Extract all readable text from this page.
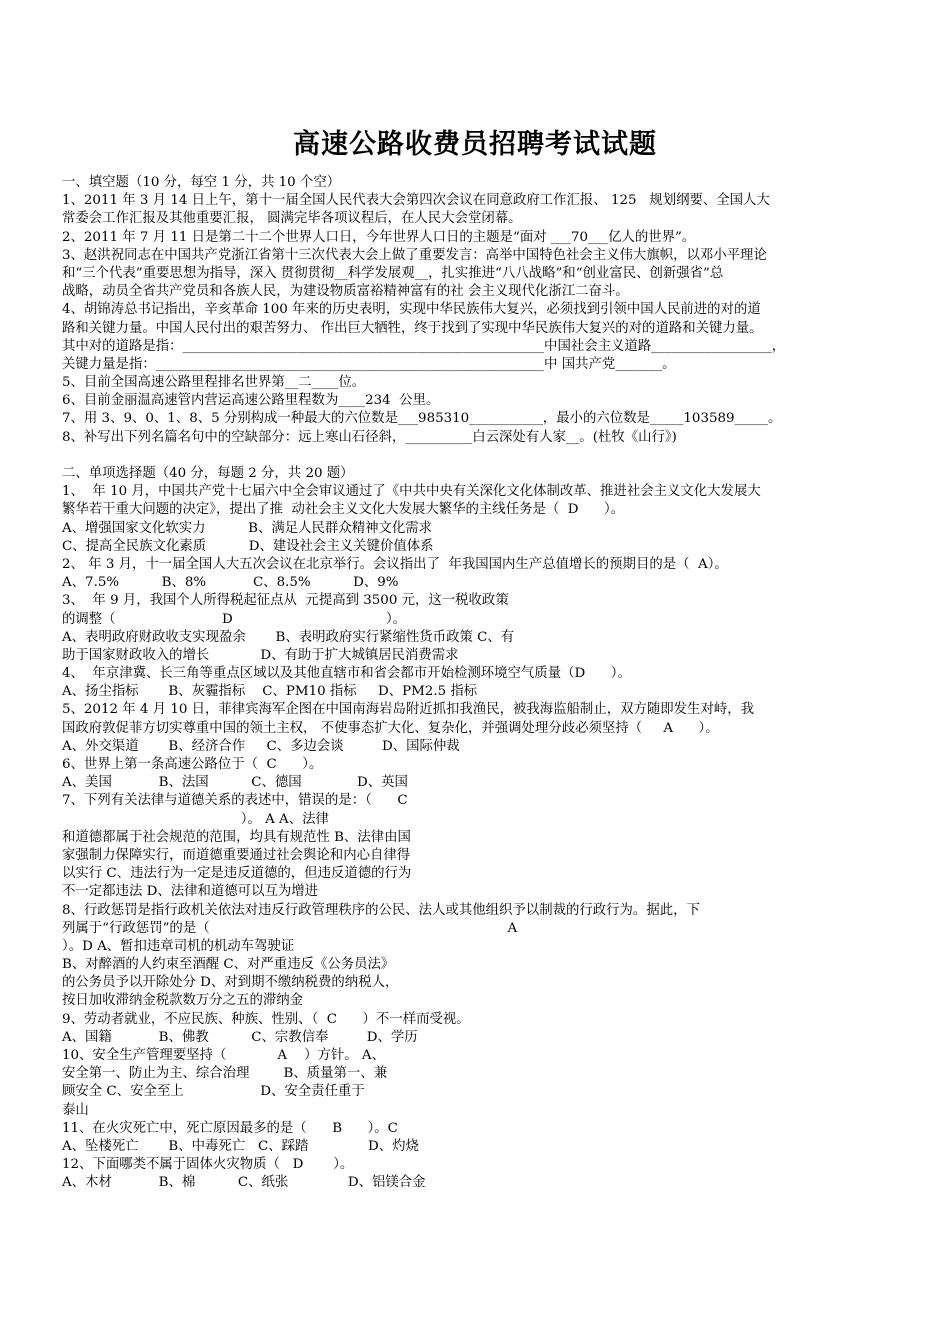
高速公路收费员招聘考试试题
一、填空题（10 分，每空 1 分，共 10 个空）
1、2011 年 3 月 14 日上午，第十一届全国人民代表大会第四次会议在同意政府工作汇报、 125   规划纲要、全国人大
常委会工作汇报及其他重要汇报， 圆满完毕各项议程后，在人民大会堂闭幕。
2、2011 年 7 月 11 日是第二十二个世界人口日，今年世界人口日的主题是“面对 ___70___亿人的世界”。
3、赵洪祝同志在中国共产党浙江省第十三次代表大会上做了重要发言：高举中国特色社会主义伟大旗帜，以邓小平理论
和“三个代表”重要思想为指导，深入 贯彻贯彻__科学发展观__，扎实推进“八八战略”和“创业富民、创新强省”总
战略，动员全省共产党员和各族人民，为建设物质富裕精神富有的社 会主义现代化浙江二奋斗。
4、胡锦涛总书记指出，辛亥革命 100 年来的历史表明，实现中华民族伟大复兴，必须找到引领中国人民前进的对的道
路和关键力量。中国人民付出的艰苦努力、 作出巨大牺牲，终于找到了实现中华民族伟大复兴的对的道路和关键力量。
其中对的道路是指：______________________________________________________中国社会主义道路__________________，
关键力量是指：__________________________________________________________中 国共产党_______。
5、目前全国高速公路里程排名世界第__二____位。
6、目前金丽温高速管内营运高速公路里程数为____234  公里。
7、用 3、9、0、1、8、5 分别构成一种最大的六位数是___985310___________，最小的六位数是_____103589_____。
8、补写出下列名篇名句中的空缺部分：远上寒山石径斜，__________白云深处有人家__。(杜牧《山行》)
二、单项选择题（40 分，每题 2 分，共 20 题）
1、  年 10 月，中国共产党十七届六中全会审议通过了《中共中央有关深化文化体制改革、推进社会主义文化大发展大
繁华若干重大问题的决定》，提出了推  动社会主义文化大发展大繁华的主线任务是（  D      ）。
A、增强国家文化软实力          B、满足人民群众精神文化需求
C、提高全民族文化素质          D、建设社会主义关键价值体系
2、 年 3 月，十一届全国人大五次会议在北京举行。会议指出了  年我国国内生产总值增长的预期目的是（  A）。
A、7.5%          B、8%           C、8.5%          D、9%
3、  年 9 月，我国个人所得税起征点从  元提高到 3500 元，这一税收政策
的调整（                         D                                    ）。
A、表明政府财政收支实现盈余       B、表明政府实行紧缩性货币政策 C、有
助于国家财政收入的增长            D、有助于扩大城镇居民消费需求
4、  年京津冀、长三角等重点区域以及其他直辖市和省会都市开始检测环境空气质量（D      ）。
A、扬尘指标       B、灰霾指标    C、PM10 指标     D、PM2.5 指标
5、2012 年 4 月 10 日，菲律宾海军企图在中国南海岩岛附近抓扣我渔民，被我海监船制止，双方随即发生对峙，我
国政府敦促菲方切实尊重中国的领土主权， 不使事态扩大化、复杂化，并强调处理分歧必须坚持（     A      ）。
A、外交渠道       B、经济合作     C、多边会谈         D、国际仲裁
6、世界上第一条高速公路位于（  C      ）。
A、美国           B、法国          C、德国             D、英国
7、下列有关法律与道德关系的表述中，错误的是：（      C
）。 A A、法律
和道德都属于社会规范的范围，均具有规范性 B、法律由国
家强制力保障实行，而道德重要通过社会舆论和内心自律得
以实行 C、违法行为一定是违反道德的，但违反道德的行为
不一定都违法 D、法律和道德可以互为增进
8、行政惩罚是指行政机关依法对违反行政管理秩序的公民、法人或其他组织予以制裁的行政行为。据此，下
列属于“行政惩罚”的是（                                                                      A
）。D A、暂扣违章司机的机动车驾驶证
B、对醉酒的人约束至酒醒 C、对严重违反《公务员法》
的公务员予以开除处分 D、对到期不缴纳税费的纳税人，
按日加收滞纳金税款数万分之五的滞纳金
9、劳动者就业，不应民族、种族、性别、（  C      ）不一样而受视。
A、国籍           B、佛教          C、宗教信奉         D、学历
10、安全生产管理要坚持（            A    ）方针。 A、
安全第一、防止为主、综合治理        B、质量第一、兼
顾安全 C、安全至上                  D、安全责任重于
泰山
11、在火灾死亡中，死亡原因最多的是（      B      ）。C
A、坠楼死亡       B、中毒死亡   C、踩踏              D、灼烧
12、下面哪类不属于固体火灾物质（   D       ）。
A、木材           B、棉          C、纸张              D、铝镁合金
